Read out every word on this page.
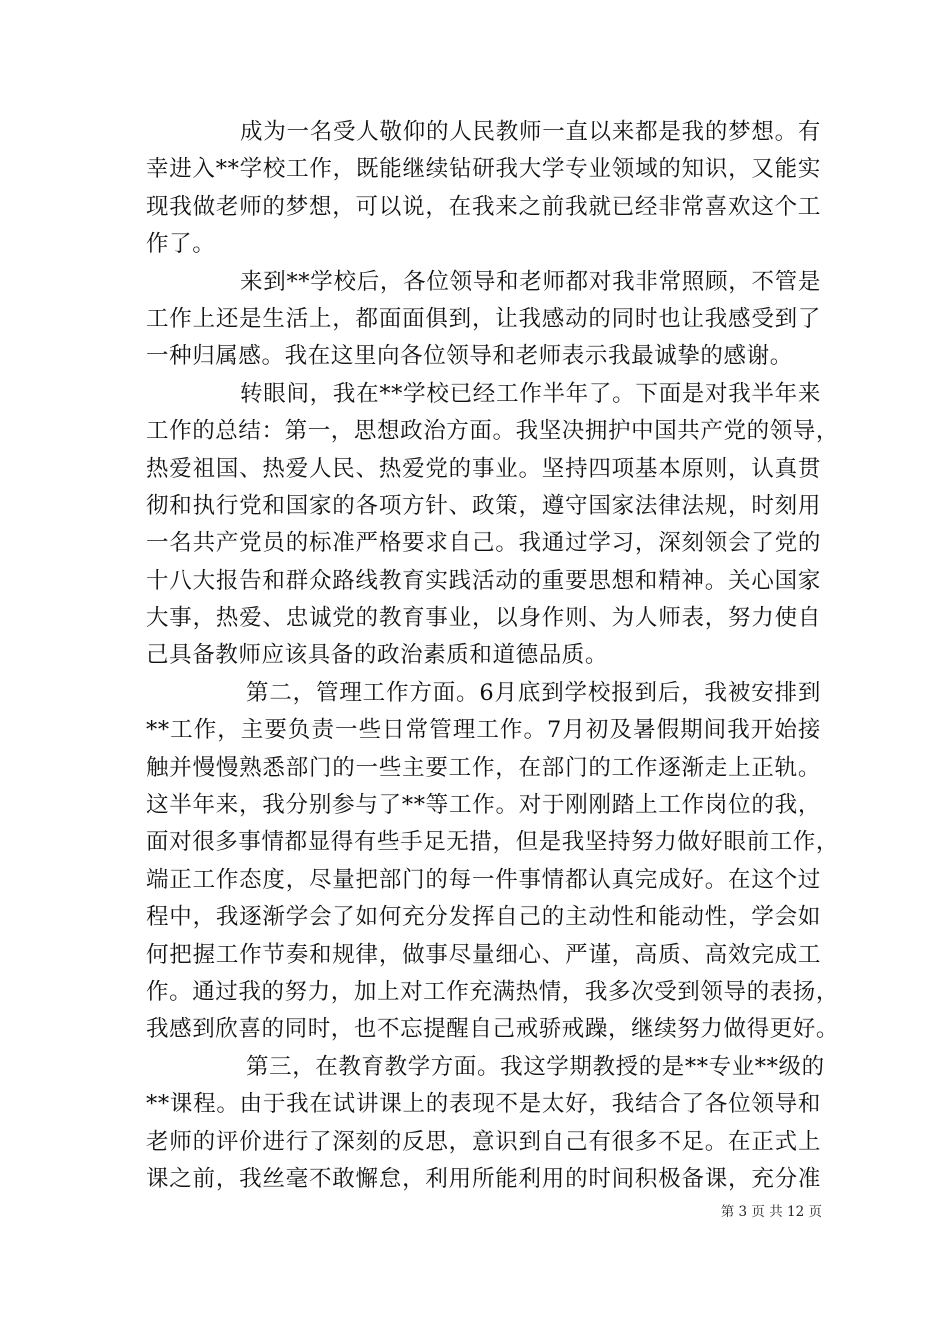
成为一名受人敬仰的人民教师一直以来都是我的梦想。有
幸进入**学校工作，既能继续钻研我大学专业领域的知识，又能实
现我做老师的梦想，可以说，在我来之前我就已经非常喜欢这个工
作了。
来到**学校后，各位领导和老师都对我非常照顾，不管是
工作上还是生活上，都面面俱到，让我感动的同时也让我感受到了
一种归属感。我在这里向各位领导和老师表示我最诚挚的感谢。
转眼间，我在**学校已经工作半年了。下面是对我半年来
工作的总结：第一，思想政治方面。我坚决拥护中国共产党的领导，
热爱祖国、热爱人民、热爱党的事业。坚持四项基本原则，认真贯
彻和执行党和国家的各项方针、政策，遵守国家法律法规，时刻用
一名共产党员的标准严格要求自己。我通过学习，深刻领会了党的
十八大报告和群众路线教育实践活动的重要思想和精神。关心国家
大事，热爱、忠诚党的教育事业，以身作则、为人师表，努力使自
己具备教师应该具备的政治素质和道德品质。
第二，管理工作方面。6月底到学校报到后，我被安排到
**工作，主要负责一些日常管理工作。7月初及暑假期间我开始接
触并慢慢熟悉部门的一些主要工作，在部门的工作逐渐走上正轨。
这半年来，我分别参与了**等工作。对于刚刚踏上工作岗位的我，
面对很多事情都显得有些手足无措，但是我坚持努力做好眼前工作，
端正工作态度，尽量把部门的每一件事情都认真完成好。在这个过
程中，我逐渐学会了如何充分发挥自己的主动性和能动性，学会如
何把握工作节奏和规律，做事尽量细心、严谨，高质、高效完成工
作。通过我的努力，加上对工作充满热情，我多次受到领导的表扬，
我感到欣喜的同时，也不忘提醒自己戒骄戒躁，继续努力做得更好。
第三，在教育教学方面。我这学期教授的是**专业**级的
**课程。由于我在试讲课上的表现不是太好，我结合了各位领导和
老师的评价进行了深刻的反思，意识到自己有很多不足。在正式上
课之前，我丝毫不敢懈怠，利用所能利用的时间积极备课，充分准
第 3 页 共 12 页
